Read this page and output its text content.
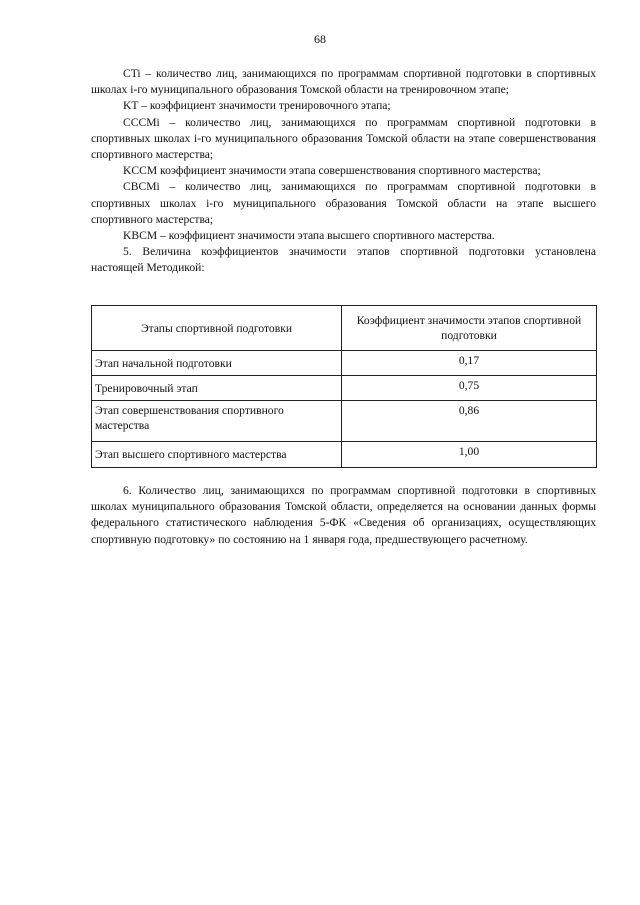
68

CTi – количество лиц, занимающихся по программам спортивной подготовки в спортивных школах i-го муниципального образования Томской области на тренировочном этапе;

KT – коэффициент значимости тренировочного этапа;

CCCMi – количество лиц, занимающихся по программам спортивной подготовки в спортивных школах i-го муниципального образования Томской области на этапе совершенствования спортивного мастерства;

KCCM коэффициент значимости этапа совершенствования спортивного мастерства;

CBCMi – количество лиц, занимающихся по программам спортивной подготовки в спортивных школах i-го муниципального образования Томской области на этапе высшего спортивного мастерства;

KBCM – коэффициент значимости этапа высшего спортивного мастерства.

5. Величина коэффициентов значимости этапов спортивной подготовки установлена настоящей Методикой:

Этапы спортивной подготовки	Коэффициент значимости этапов спортивной подготовки
Этап начальной подготовки	0,17
Тренировочный этап	0,75
Этап совершенствования спортивного мастерства	0,86
Этап высшего спортивного мастерства	1,00

6. Количество лиц, занимающихся по программам спортивной подготовки в спортивных школах муниципального образования Томской области, определяется на основании данных формы федерального статистического наблюдения 5-ФК «Сведения об организациях, осуществляющих спортивную подготовку» по состоянию на 1 января года, предшествующего расчетному.
